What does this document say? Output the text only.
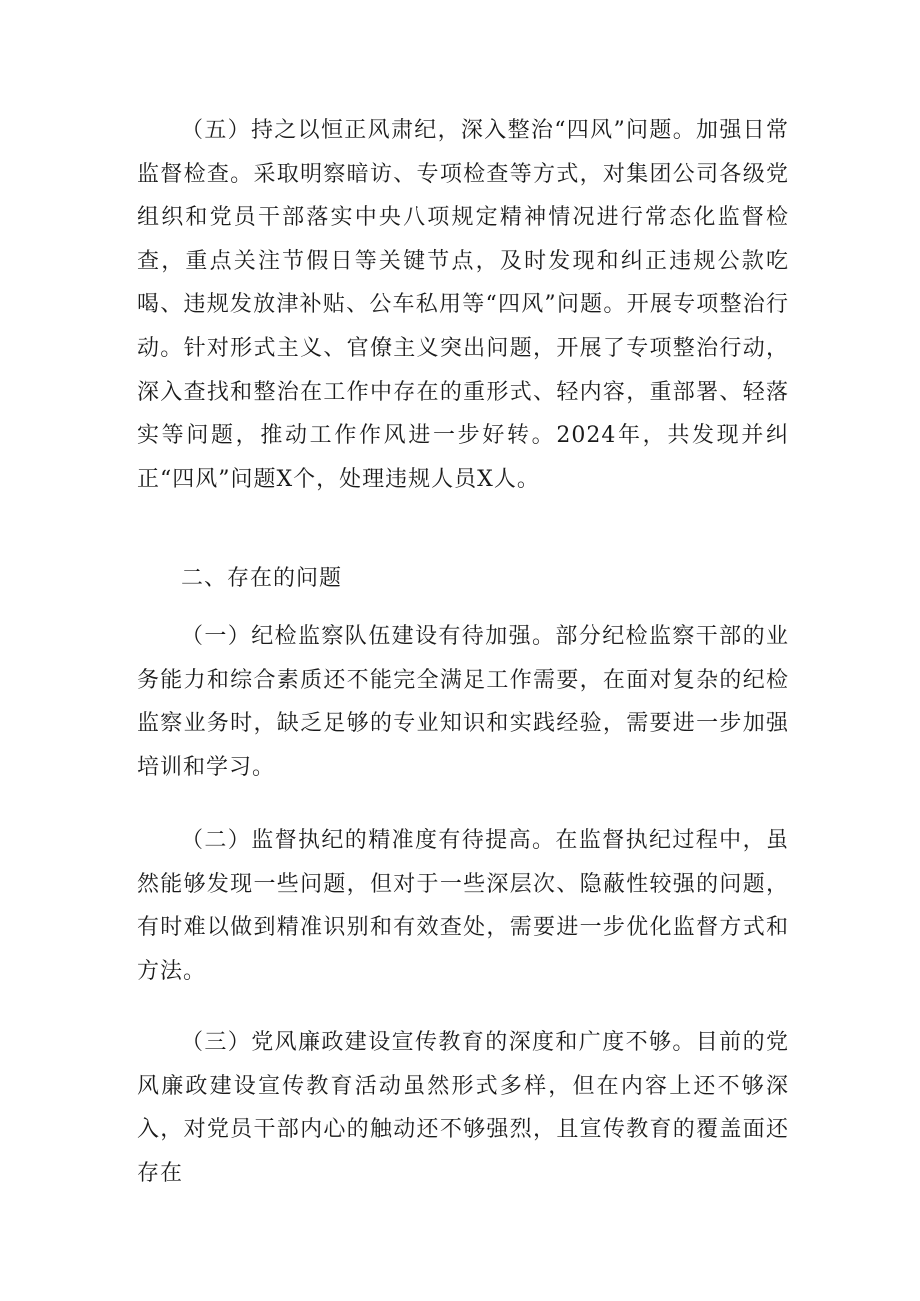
（五）持之以恒正风肃纪，深入整治“四风”问题。加强日常监督检查。采取明察暗访、专项检查等方式，对集团公司各级党组织和党员干部落实中央八项规定精神情况进行常态化监督检查，重点关注节假日等关键节点，及时发现和纠正违规公款吃喝、违规发放津补贴、公车私用等“四风”问题。开展专项整治行动。针对形式主义、官僚主义突出问题，开展了专项整治行动，深入查找和整治在工作中存在的重形式、轻内容，重部署、轻落实等问题，推动工作作风进一步好转。2024年，共发现并纠正“四风”问题X个，处理违规人员X人。

二、存在的问题

（一）纪检监察队伍建设有待加强。部分纪检监察干部的业务能力和综合素质还不能完全满足工作需要，在面对复杂的纪检监察业务时，缺乏足够的专业知识和实践经验，需要进一步加强培训和学习。

（二）监督执纪的精准度有待提高。在监督执纪过程中，虽然能够发现一些问题，但对于一些深层次、隐蔽性较强的问题，有时难以做到精准识别和有效查处，需要进一步优化监督方式和方法。

（三）党风廉政建设宣传教育的深度和广度不够。目前的党风廉政建设宣传教育活动虽然形式多样，但在内容上还不够深入，对党员干部内心的触动还不够强烈，且宣传教育的覆盖面还存在
